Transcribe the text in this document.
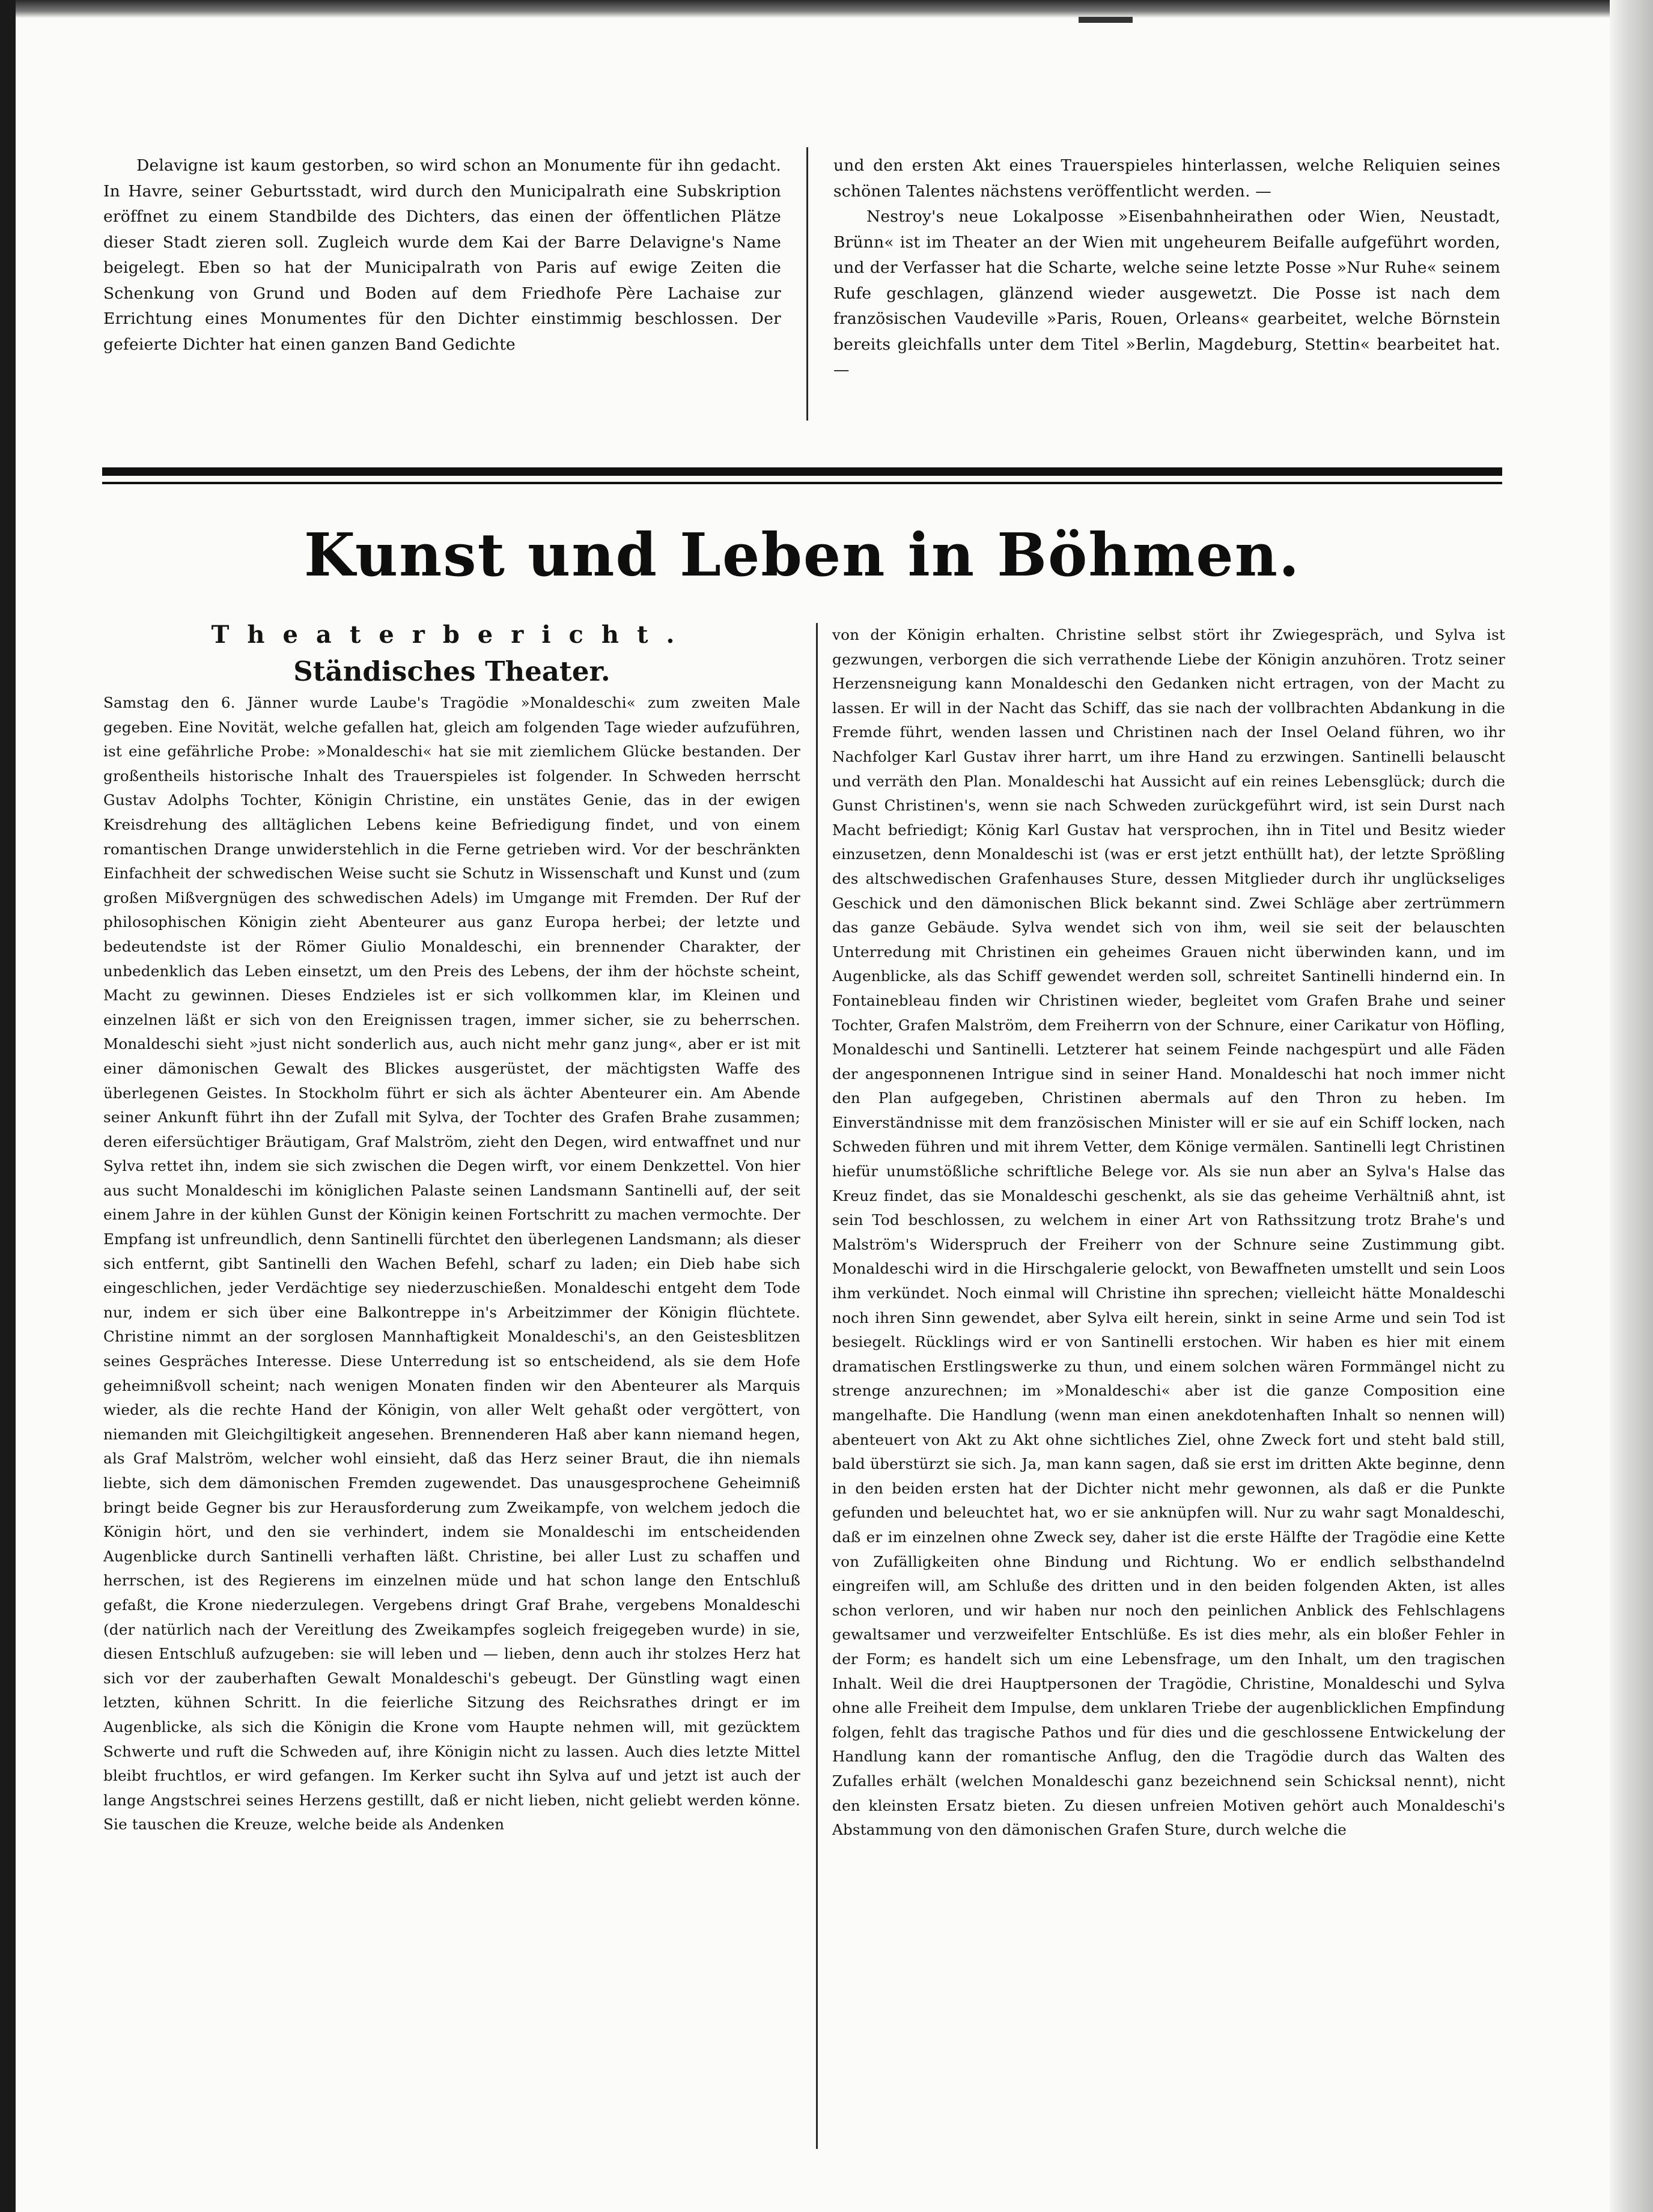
Delavigne ist kaum gestorben, so wird schon an Monumente für ihn gedacht. In Havre, seiner Geburtsstadt, wird durch den Municipalrath eine Subskription eröffnet zu einem Standbilde des Dichters, das einen der öffentlichen Plätze dieser Stadt zieren soll. Zugleich wurde dem Kai der Barre Delavigne's Name beigelegt. Eben so hat der Municipalrath von Paris auf ewige Zeiten die Schenkung von Grund und Boden auf dem Friedhofe Père Lachaise zur Errichtung eines Monumentes für den Dichter einstimmig beschlossen. Der gefeierte Dichter hat einen ganzen Band Gedichte

und den ersten Akt eines Trauerspieles hinterlassen, welche Reliquien seines schönen Talentes nächstens veröffentlicht werden. —

Nestroy's neue Lokalposse »Eisenbahnheirathen oder Wien, Neustadt, Brünn« ist im Theater an der Wien mit ungeheurem Beifalle aufgeführt worden, und der Verfasser hat die Scharte, welche seine letzte Posse »Nur Ruhe« seinem Rufe geschlagen, glänzend wieder ausgewetzt. Die Posse ist nach dem französischen Vaudeville »Paris, Rouen, Orleans« gearbeitet, welche Börnstein bereits gleichfalls unter dem Titel »Berlin, Magdeburg, Stettin« bearbeitet hat. —

Kunst und Leben in Böhmen.
Theaterbericht.
Ständisches Theater.

Samstag den 6. Jänner wurde Laube's Tragödie »Monaldeschi« zum zweiten Male gegeben. Eine Novität, welche gefallen hat, gleich am folgenden Tage wieder aufzuführen, ist eine gefährliche Probe: »Monaldeschi« hat sie mit ziemlichem Glücke bestanden. Der großentheils historische Inhalt des Trauerspieles ist folgender. In Schweden herrscht Gustav Adolphs Tochter, Königin Christine, ein unstätes Genie, das in der ewigen Kreisdrehung des alltäglichen Lebens keine Befriedigung findet, und von einem romantischen Drange unwiderstehlich in die Ferne getrieben wird. Vor der beschränkten Einfachheit der schwedischen Weise sucht sie Schutz in Wissenschaft und Kunst und (zum großen Mißvergnügen des schwedischen Adels) im Umgange mit Fremden. Der Ruf der philosophischen Königin zieht Abenteurer aus ganz Europa herbei; der letzte und bedeutendste ist der Römer Giulio Monaldeschi, ein brennender Charakter, der unbedenklich das Leben einsetzt, um den Preis des Lebens, der ihm der höchste scheint, Macht zu gewinnen. Dieses Endzieles ist er sich vollkommen klar, im Kleinen und einzelnen läßt er sich von den Ereignissen tragen, immer sicher, sie zu beherrschen. Monaldeschi sieht »just nicht sonderlich aus, auch nicht mehr ganz jung«, aber er ist mit einer dämonischen Gewalt des Blickes ausgerüstet, der mächtigsten Waffe des überlegenen Geistes. In Stockholm führt er sich als ächter Abenteurer ein. Am Abende seiner Ankunft führt ihn der Zufall mit Sylva, der Tochter des Grafen Brahe zusammen; deren eifersüchtiger Bräutigam, Graf Malström, zieht den Degen, wird entwaffnet und nur Sylva rettet ihn, indem sie sich zwischen die Degen wirft, vor einem Denkzettel. Von hier aus sucht Monaldeschi im königlichen Palaste seinen Landsmann Santinelli auf, der seit einem Jahre in der kühlen Gunst der Königin keinen Fortschritt zu machen vermochte. Der Empfang ist unfreundlich, denn Santinelli fürchtet den überlegenen Landsmann; als dieser sich entfernt, gibt Santinelli den Wachen Befehl, scharf zu laden; ein Dieb habe sich eingeschlichen, jeder Verdächtige sey niederzuschießen. Monaldeschi entgeht dem Tode nur, indem er sich über eine Balkontreppe in's Arbeitzimmer der Königin flüchtete. Christine nimmt an der sorglosen Mannhaftigkeit Monaldeschi's, an den Geistesblitzen seines Gespräches Interesse. Diese Unterredung ist so entscheidend, als sie dem Hofe geheimnißvoll scheint; nach wenigen Monaten finden wir den Abenteurer als Marquis wieder, als die rechte Hand der Königin, von aller Welt gehaßt oder vergöttert, von niemanden mit Gleichgiltigkeit angesehen. Brennenderen Haß aber kann niemand hegen, als Graf Malström, welcher wohl einsieht, daß das Herz seiner Braut, die ihn niemals liebte, sich dem dämonischen Fremden zugewendet. Das unausgesprochene Geheimniß bringt beide Gegner bis zur Herausforderung zum Zweikampfe, von welchem jedoch die Königin hört, und den sie verhindert, indem sie Monaldeschi im entscheidenden Augenblicke durch Santinelli verhaften läßt. Christine, bei aller Lust zu schaffen und herrschen, ist des Regierens im einzelnen müde und hat schon lange den Entschluß gefaßt, die Krone niederzulegen. Vergebens dringt Graf Brahe, vergebens Monaldeschi (der natürlich nach der Vereitlung des Zweikampfes sogleich freigegeben wurde) in sie, diesen Entschluß aufzugeben: sie will leben und — lieben, denn auch ihr stolzes Herz hat sich vor der zauberhaften Gewalt Monaldeschi's gebeugt. Der Günstling wagt einen letzten, kühnen Schritt. In die feierliche Sitzung des Reichsrathes dringt er im Augenblicke, als sich die Königin die Krone vom Haupte nehmen will, mit gezücktem Schwerte und ruft die Schweden auf, ihre Königin nicht zu lassen. Auch dies letzte Mittel bleibt fruchtlos, er wird gefangen. Im Kerker sucht ihn Sylva auf und jetzt ist auch der lange Angstschrei seines Herzens gestillt, daß er nicht lieben, nicht geliebt werden könne. Sie tauschen die Kreuze, welche beide als Andenken

von der Königin erhalten. Christine selbst stört ihr Zwiegespräch, und Sylva ist gezwungen, verborgen die sich verrathende Liebe der Königin anzuhören. Trotz seiner Herzensneigung kann Monaldeschi den Gedanken nicht ertragen, von der Macht zu lassen. Er will in der Nacht das Schiff, das sie nach der vollbrachten Abdankung in die Fremde führt, wenden lassen und Christinen nach der Insel Oeland führen, wo ihr Nachfolger Karl Gustav ihrer harrt, um ihre Hand zu erzwingen. Santinelli belauscht und verräth den Plan. Monaldeschi hat Aussicht auf ein reines Lebensglück; durch die Gunst Christinen's, wenn sie nach Schweden zurückgeführt wird, ist sein Durst nach Macht befriedigt; König Karl Gustav hat versprochen, ihn in Titel und Besitz wieder einzusetzen, denn Monaldeschi ist (was er erst jetzt enthüllt hat), der letzte Sprößling des altschwedischen Grafenhauses Sture, dessen Mitglieder durch ihr unglückseliges Geschick und den dämonischen Blick bekannt sind. Zwei Schläge aber zertrümmern das ganze Gebäude. Sylva wendet sich von ihm, weil sie seit der belauschten Unterredung mit Christinen ein geheimes Grauen nicht überwinden kann, und im Augenblicke, als das Schiff gewendet werden soll, schreitet Santinelli hindernd ein. In Fontainebleau finden wir Christinen wieder, begleitet vom Grafen Brahe und seiner Tochter, Grafen Malström, dem Freiherrn von der Schnure, einer Carikatur von Höfling, Monaldeschi und Santinelli. Letzterer hat seinem Feinde nachgespürt und alle Fäden der angesponnenen Intrigue sind in seiner Hand. Monaldeschi hat noch immer nicht den Plan aufgegeben, Christinen abermals auf den Thron zu heben. Im Einverständnisse mit dem französischen Minister will er sie auf ein Schiff locken, nach Schweden führen und mit ihrem Vetter, dem Könige vermälen. Santinelli legt Christinen hiefür unumstößliche schriftliche Belege vor. Als sie nun aber an Sylva's Halse das Kreuz findet, das sie Monaldeschi geschenkt, als sie das geheime Verhältniß ahnt, ist sein Tod beschlossen, zu welchem in einer Art von Rathssitzung trotz Brahe's und Malström's Widerspruch der Freiherr von der Schnure seine Zustimmung gibt. Monaldeschi wird in die Hirschgalerie gelockt, von Bewaffneten umstellt und sein Loos ihm verkündet. Noch einmal will Christine ihn sprechen; vielleicht hätte Monaldeschi noch ihren Sinn gewendet, aber Sylva eilt herein, sinkt in seine Arme und sein Tod ist besiegelt. Rücklings wird er von Santinelli erstochen. Wir haben es hier mit einem dramatischen Erstlingswerke zu thun, und einem solchen wären Formmängel nicht zu strenge anzurechnen; im »Monaldeschi« aber ist die ganze Composition eine mangelhafte. Die Handlung (wenn man einen anekdotenhaften Inhalt so nennen will) abenteuert von Akt zu Akt ohne sichtliches Ziel, ohne Zweck fort und steht bald still, bald überstürzt sie sich. Ja, man kann sagen, daß sie erst im dritten Akte beginne, denn in den beiden ersten hat der Dichter nicht mehr gewonnen, als daß er die Punkte gefunden und beleuchtet hat, wo er sie anknüpfen will. Nur zu wahr sagt Monaldeschi, daß er im einzelnen ohne Zweck sey, daher ist die erste Hälfte der Tragödie eine Kette von Zufälligkeiten ohne Bindung und Richtung. Wo er endlich selbsthandelnd eingreifen will, am Schluße des dritten und in den beiden folgenden Akten, ist alles schon verloren, und wir haben nur noch den peinlichen Anblick des Fehlschlagens gewaltsamer und verzweifelter Entschlüße. Es ist dies mehr, als ein bloßer Fehler in der Form; es handelt sich um eine Lebensfrage, um den Inhalt, um den tragischen Inhalt. Weil die drei Hauptpersonen der Tragödie, Christine, Monaldeschi und Sylva ohne alle Freiheit dem Impulse, dem unklaren Triebe der augenblicklichen Empfindung folgen, fehlt das tragische Pathos und für dies und die geschlossene Entwickelung der Handlung kann der romantische Anflug, den die Tragödie durch das Walten des Zufalles erhält (welchen Monaldeschi ganz bezeichnend sein Schicksal nennt), nicht den kleinsten Ersatz bieten. Zu diesen unfreien Motiven gehört auch Monaldeschi's Abstammung von den dämonischen Grafen Sture, durch welche die
